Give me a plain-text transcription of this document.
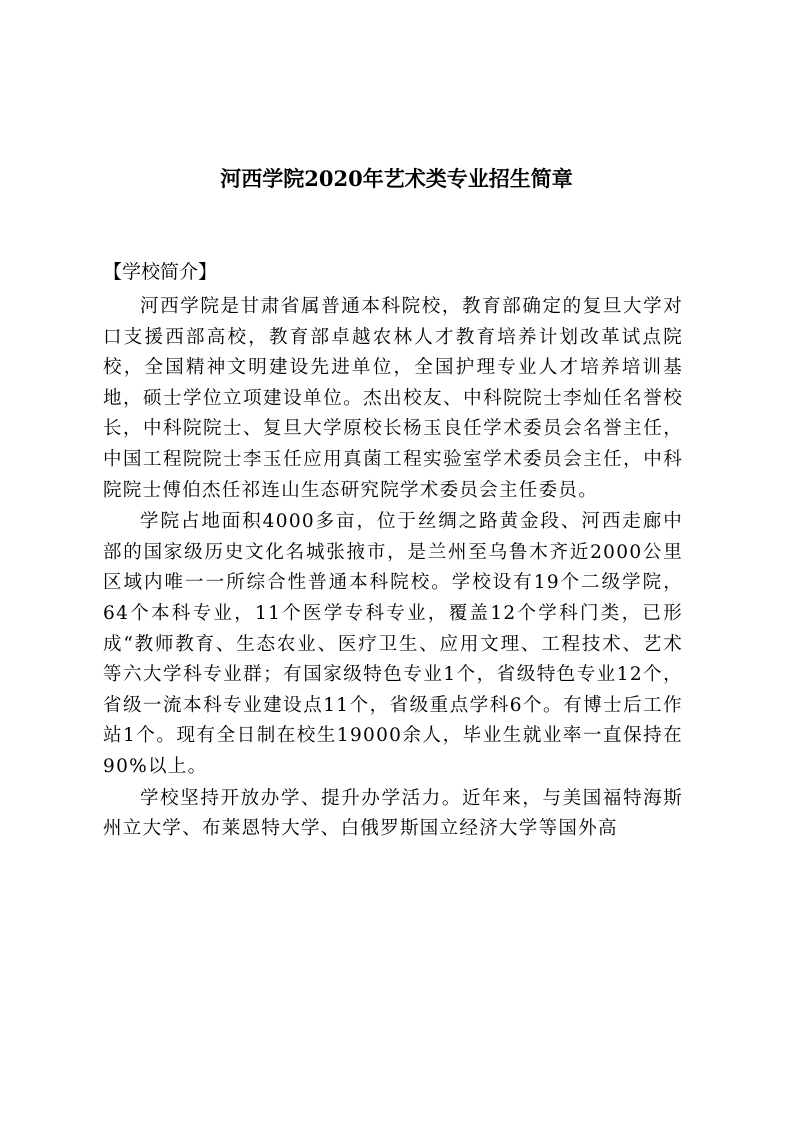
河西学院2020年艺术类专业招生简章
【学校简介】

河西学院是甘肃省属普通本科院校，教育部确定的复旦大学对口支援西部高校，教育部卓越农林人才教育培养计划改革试点院校，全国精神文明建设先进单位，全国护理专业人才培养培训基地，硕士学位立项建设单位。杰出校友、中科院院士李灿任名誉校长，中科院院士、复旦大学原校长杨玉良任学术委员会名誉主任，中国工程院院士李玉任应用真菌工程实验室学术委员会主任，中科院院士傅伯杰任祁连山生态研究院学术委员会主任委员。

学院占地面积4000多亩，位于丝绸之路黄金段、河西走廊中部的国家级历史文化名城张掖市，是兰州至乌鲁木齐近2000公里区域内唯一一所综合性普通本科院校。学校设有19个二级学院，64个本科专业，11个医学专科专业，覆盖12个学科门类，已形成“教师教育、生态农业、医疗卫生、应用文理、工程技术、艺术等六大学科专业群；有国家级特色专业1个，省级特色专业12个，省级一流本科专业建设点11个，省级重点学科6个。有博士后工作站1个。现有全日制在校生19000余人，毕业生就业率一直保持在90%以上。

学校坚持开放办学、提升办学活力。近年来，与美国福特海斯州立大学、布莱恩特大学、白俄罗斯国立经济大学等国外高
